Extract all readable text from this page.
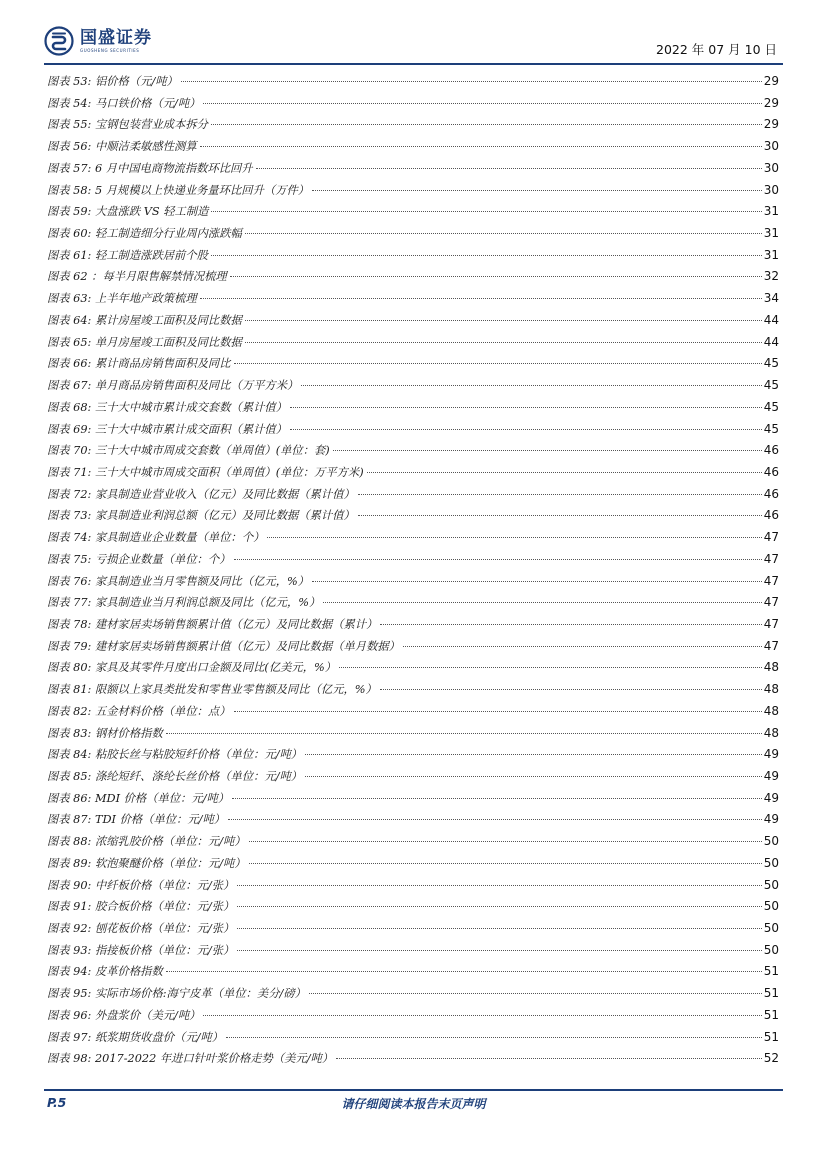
国盛证券
GUOSHENG SECURITIES	2022 年 07 月 10 日
图表 53: 铝价格（元/吨）	29
图表 54: 马口铁价格（元/吨）	29
图表 55: 宝钢包装营业成本拆分	29
图表 56: 中顺洁柔敏感性测算	30
图表 57: 6 月中国电商物流指数环比回升	30
图表 58: 5 月规模以上快递业务量环比回升（万件）	30
图表 59: 大盘涨跌 VS 轻工制造	31
图表 60: 轻工制造细分行业周内涨跌幅	31
图表 61: 轻工制造涨跌居前个股	31
图表 62 ：每半月限售解禁情况梳理	32
图表 63: 上半年地产政策梳理	34
图表 64: 累计房屋竣工面积及同比数据	44
图表 65: 单月房屋竣工面积及同比数据	44
图表 66: 累计商品房销售面积及同比	45
图表 67: 单月商品房销售面积及同比（万平方米）	45
图表 68: 三十大中城市累计成交套数（累计值）	45
图表 69: 三十大中城市累计成交面积（累计值）	45
图表 70: 三十大中城市周成交套数（单周值）(单位：套)	46
图表 71: 三十大中城市周成交面积（单周值）(单位：万平方米)	46
图表 72: 家具制造业营业收入（亿元）及同比数据（累计值）	46
图表 73: 家具制造业利润总额（亿元）及同比数据（累计值）	46
图表 74: 家具制造业企业数量（单位：个）	47
图表 75: 亏损企业数量（单位：个）	47
图表 76: 家具制造业当月零售额及同比（亿元，%）	47
图表 77: 家具制造业当月利润总额及同比（亿元，%）	47
图表 78: 建材家居卖场销售额累计值（亿元）及同比数据（累计）	47
图表 79: 建材家居卖场销售额累计值（亿元）及同比数据（单月数据）	47
图表 80: 家具及其零件月度出口金额及同比(亿美元，%）	48
图表 81: 限额以上家具类批发和零售业零售额及同比（亿元，%）	48
图表 82: 五金材料价格（单位：点）	48
图表 83: 钢材价格指数	48
图表 84: 粘胶长丝与粘胶短纤价格（单位：元/吨）	49
图表 85: 涤纶短纤、涤纶长丝价格（单位：元/吨）	49
图表 86: MDI 价格（单位：元/吨）	49
图表 87: TDI 价格（单位：元/吨）	49
图表 88: 浓缩乳胶价格（单位：元/吨）	50
图表 89: 软泡聚醚价格（单位：元/吨）	50
图表 90: 中纤板价格（单位：元/张）	50
图表 91: 胶合板价格（单位：元/张）	50
图表 92: 刨花板价格（单位：元/张）	50
图表 93: 指接板价格（单位：元/张）	50
图表 94: 皮革价格指数	51
图表 95: 实际市场价格:海宁皮革（单位：美分/磅）	51
图表 96: 外盘浆价（美元/吨）	51
图表 97: 纸浆期货收盘价（元/吨）	51
图表 98: 2017-2022 年进口针叶浆价格走势（美元/吨）	52
P.5	请仔细阅读本报告末页声明
